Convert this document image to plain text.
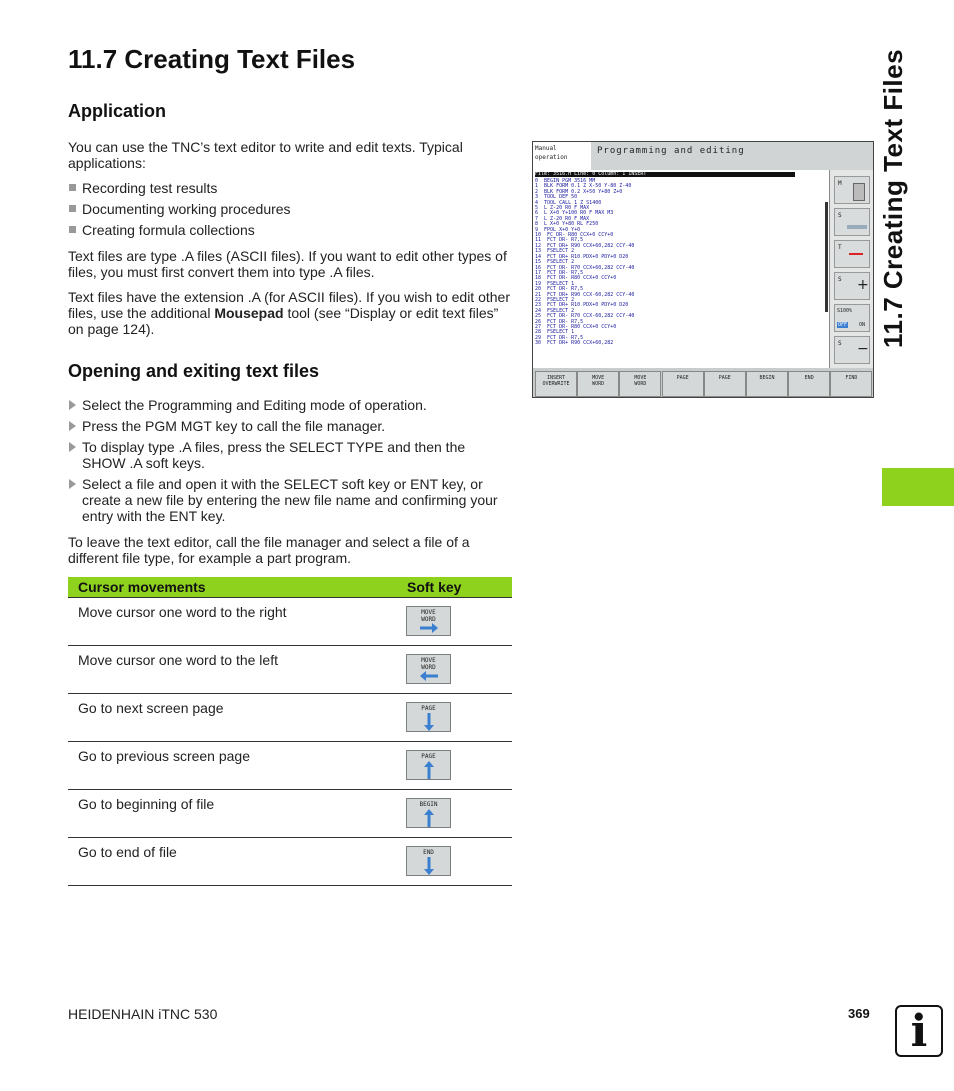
11.7 Creating Text Files	11.7 Creating Text Files
Application

You can use the TNC’s text editor to write and edit texts. Typical applications:

Recording test results
Documenting working procedures
Creating formula collections

Text files are type .A files (ASCII files). If you want to edit other types of files, you must first convert them into type .A files.

Text files have the extension .A (for ASCII files). If you wish to edit other files, use the additional Mousepad tool (see “Display or edit text files” on page 124).

Opening and exiting text files
Select the Programming and Editing mode of operation.
Press the PGM MGT key to call the file manager.
To display type .A files, press the SELECT TYPE and then the SHOW .A soft keys.
Select a file and open it with the SELECT soft key or ENT key, or create a new file by entering the new file name and confirming your entry with the ENT key.

To leave the text editor, call the file manager and select a file of a different file type, for example a part program.

Cursor movements	Soft key
Move cursor one word to the right	MOVE
WORD
Move cursor one word to the left	MOVE
WORD
Go to next screen page	PAGE
Go to previous screen page	PAGE
Go to beginning of file	BEGIN
Go to end of file	END
Manual
operation
Programming and editing
File: 3516.H Line: 0 Column: 1 INSERT
0  BEGIN PGM 3516 MM
1  BLK FORM 0.1 Z X-50 Y-80 Z-40
2  BLK FORM 0.2 X+50 Y+80 Z+0
3  TOOL DEF 50
4  TOOL CALL 1 Z S1400
5  L Z-20 R0 F MAX
6  L X+0 Y+100 R0 F MAX M3
7  L Z-20 R0 F MAX
8  L X+0 Y+80 RL F250
9  FPOL X+0 Y+0
10  FC DR- R80 CCX+0 CCY+0
11  FCT DR- R7,5
12  FCT DR+ R90 CCX+60,282 CCY-40
13  FSELECT 2
14  FCT DR+ R10 PDX+0 PDY+0 D20
15  FSELECT 2
16  FCT DR- R70 CCX+60,282 CCY-40
17  FCT DR- R7,5
18  FCT DR- R80 CCX+0 CCY+0
19  FSELECT 1
20  FCT DR- R7,5
21  FCT DR+ R90 CCX-60,282 CCY-40
22  FSELECT 2
23  FCT DR+ R10 PDX+0 PDY+0 D20
24  FSELECT 2
25  FCT DR- R70 CCX-60,282 CCY-40
26  FCT DR- R7,5
27  FCT DR- R80 CCX+0 CCY+0
28  FSELECT 1
29  FCT DR- R7,5
30  FCT DR+ R90 CCX+60,282
M
S
T
S +
S100%
OFF ON
S −
INSERT
OVERWRITE
MOVE
WORD
MOVE
WORD
PAGE	PAGE	BEGIN	END	FIND
HEIDENHAIN iTNC 530	369 i
